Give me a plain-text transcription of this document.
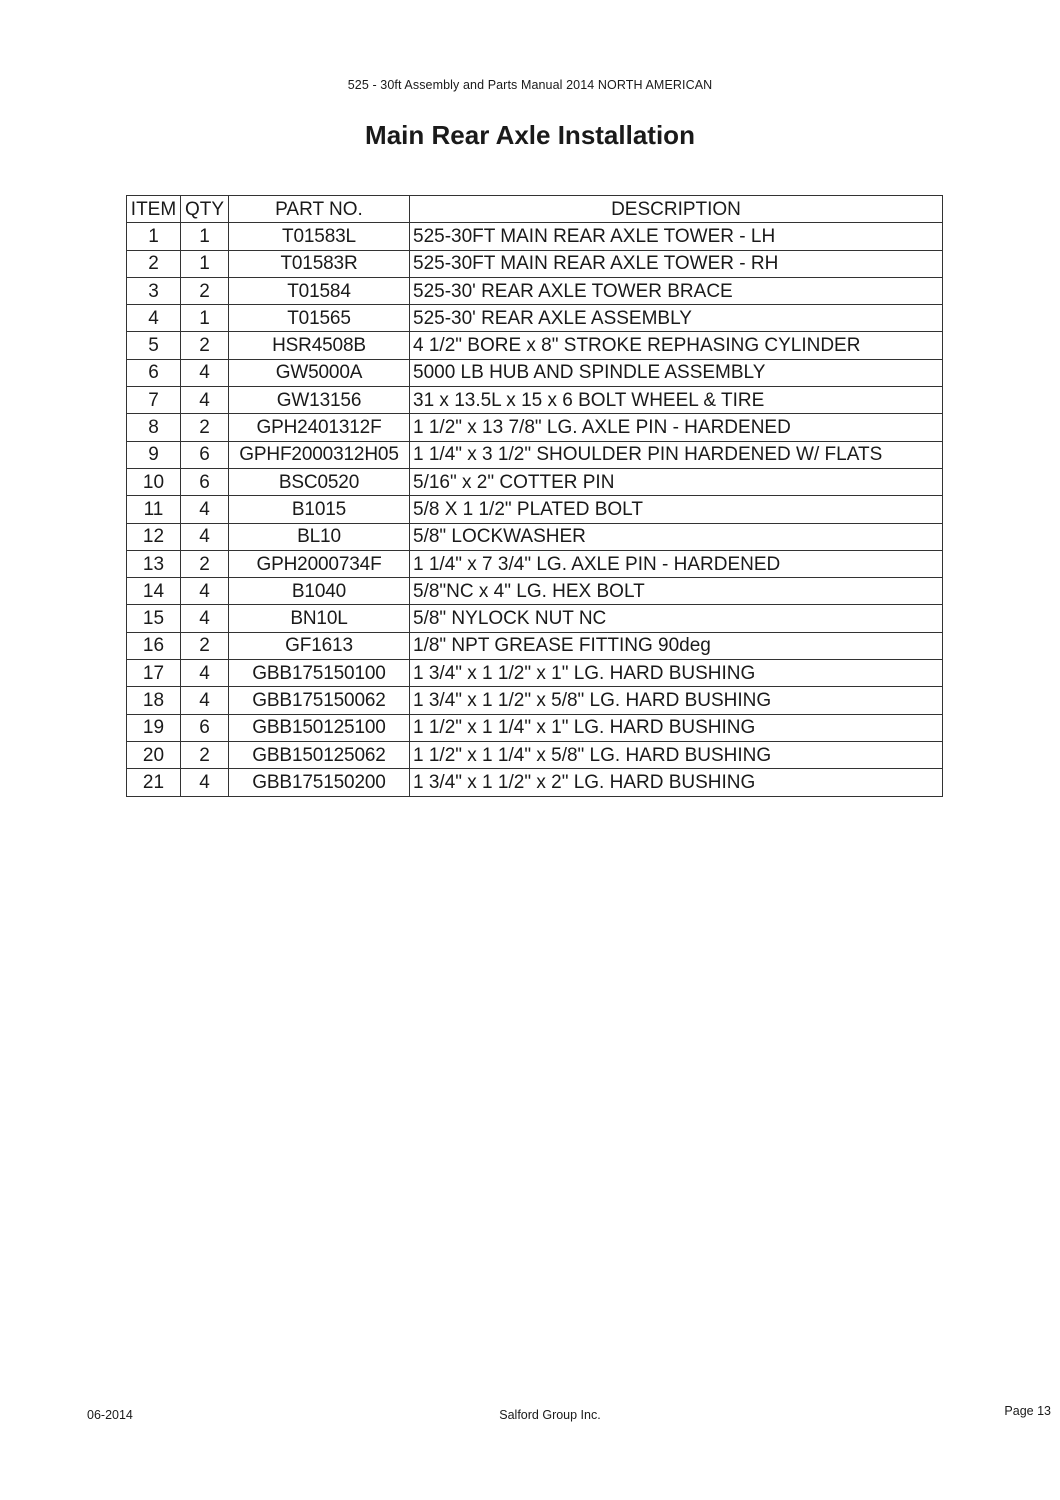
525 - 30ft Assembly and Parts Manual 2014 NORTH AMERICAN
Main Rear Axle Installation
ITEM	QTY	PART NO.	DESCRIPTION
1	1	T01583L	525-30FT MAIN REAR AXLE TOWER - LH
2	1	T01583R	525-30FT MAIN REAR AXLE TOWER - RH
3	2	T01584	525-30' REAR AXLE TOWER BRACE
4	1	T01565	525-30' REAR AXLE ASSEMBLY
5	2	HSR4508B	4 1/2" BORE x 8" STROKE REPHASING CYLINDER
6	4	GW5000A	5000 LB HUB AND SPINDLE ASSEMBLY
7	4	GW13156	31 x 13.5L x 15 x 6 BOLT WHEEL & TIRE
8	2	GPH2401312F	1 1/2" x 13 7/8" LG. AXLE PIN - HARDENED
9	6	GPHF2000312H05	1 1/4" x 3 1/2" SHOULDER PIN HARDENED W/ FLATS
10	6	BSC0520	5/16" x 2" COTTER PIN
11	4	B1015	5/8 X 1 1/2" PLATED BOLT
12	4	BL10	5/8" LOCKWASHER
13	2	GPH2000734F	1 1/4" x 7 3/4" LG. AXLE PIN - HARDENED
14	4	B1040	5/8"NC x 4" LG. HEX BOLT
15	4	BN10L	5/8" NYLOCK NUT NC
16	2	GF1613	1/8" NPT GREASE FITTING 90deg
17	4	GBB175150100	1 3/4" x 1 1/2" x 1" LG. HARD BUSHING
18	4	GBB175150062	1 3/4" x 1 1/2" x 5/8" LG. HARD BUSHING
19	6	GBB150125100	1 1/2" x 1 1/4" x 1" LG. HARD BUSHING
20	2	GBB150125062	1 1/2" x 1 1/4" x 5/8" LG. HARD BUSHING
21	4	GBB175150200	1 3/4" x 1 1/2" x 2" LG. HARD BUSHING
06-2014	Salford Group Inc.	Page 13
